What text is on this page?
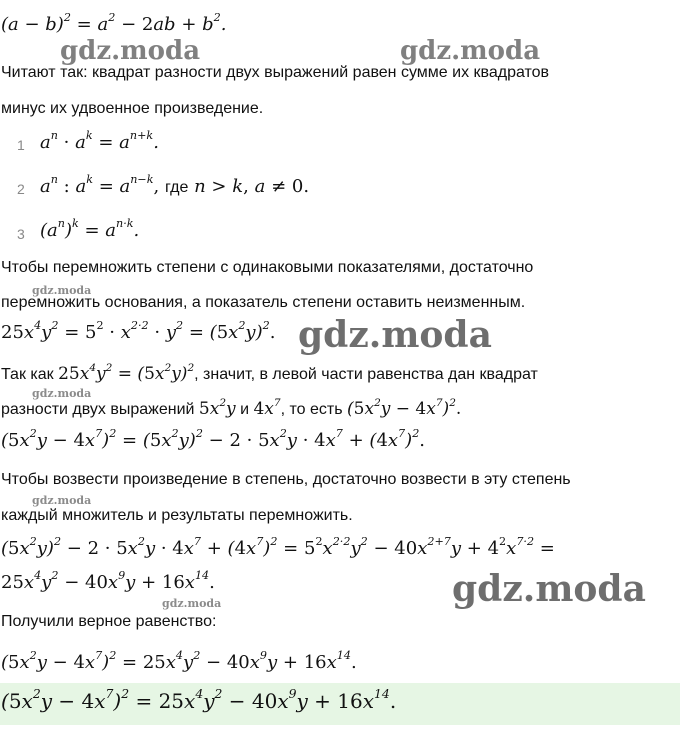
$(a - b)^2 = a^2 - 2ab + b^2$.
gdz.moda	gdz.moda
Читают так: квадрат разности двух выражений равен сумме их квадратов
минус их удвоенное произведение.
1 $a^n \cdot a^k = a^{n+k}$.
2 $a^n$ : $a^k = a^{n-k}$, где n > k, a ≠ 0.
3 $(a^n)^k = a^{n\cdot k}$.
Чтобы перемножить степени с одинаковыми показателями, достаточно
gdz.moda
перемножить основания, а показатель степени оставить неизменным.
$25x^4y^2 = 5^2 \cdot x^{2\cdot 2} \cdot y^2 = (5x^2y)^2$. gdz.moda
Так как $25x^4y^2 = (5x^2y)^2$, значит, в левой части равенства дан квадрат
gdz.moda
разности двух выражений $5x^2y$ и $4x^7$, то есть $(5x^2y - 4x^7)^2$.
$(5x^2y - 4x^7)^2 = (5x^2y)^2 - 2 \cdot 5x^2y \cdot 4x^7 + (4x^7)^2$.
Чтобы возвести произведение в степень, достаточно возвести в эту степень
gdz.moda
каждый множитель и результаты перемножить.
$(5x^2y)^2 - 2 \cdot 5x^2y \cdot 4x^7 + (4x^7)^2 = 5^2x^{2\cdot 2}y^2 - 40x^{2+7}y + 4^2x^{7\cdot 2}$ =
$25x^4y^2 - 40x^9y + 16x^{14}$.
gdz.moda	gdz.moda
Получили верное равенство:
$(5x^2y - 4x^7)^2 = 25x^4y^2 - 40x^9y + 16x^{14}$.
$(5x^2y - 4x^7)^2 = 25x^4y^2 - 40x^9y + 16x^{14}$.
